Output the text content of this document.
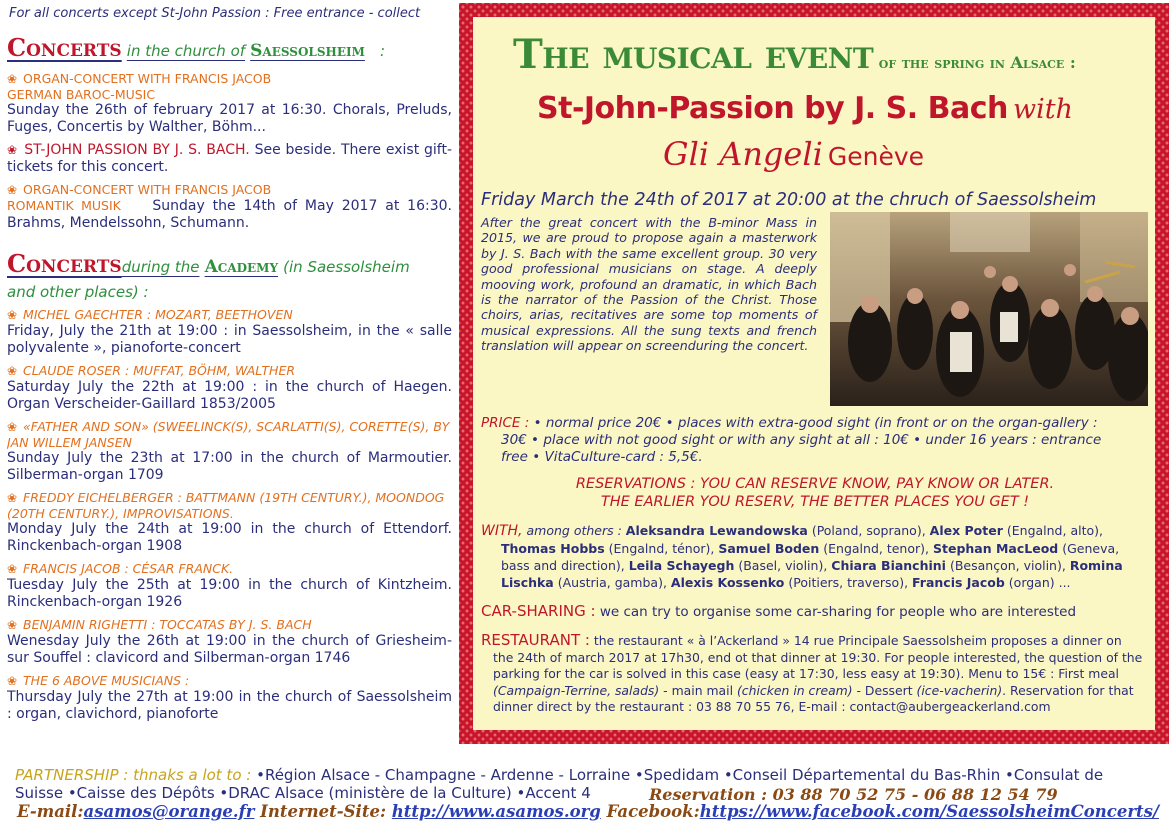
For all concerts except St-John Passion : Free entrance - collect
Concerts in the church of Saessolsheim :
❀ ORGAN-CONCERT WITH FRANCIS JACOB
GERMAN BAROC-MUSIC
Sunday the 26th of february 2017 at 16:30. Chorals, Preluds, Fuges, Concertis by Walther, Böhm...
❀ ST-JOHN PASSION BY J. S. BACH. See beside. There exist gift-tickets for this concert.
❀ ORGAN-CONCERT WITH FRANCIS JACOB
ROMANTIK MUSIK Sunday the 14th of May 2017 at 16:30. Brahms, Mendelssohn, Schumann.
Concertsduring the Academy (in Saessolsheim
and other places) :
❀ MICHEL GAECHTER : MOZART, BEETHOVEN
Friday, July the 21th at 19:00 : in Saessolsheim, in the « salle polyvalente », pianoforte-concert
❀ CLAUDE ROSER : MUFFAT, BÖHM, WALTHER
Saturday July the 22th at 19:00 : in the church of Haegen. Organ Verscheider-Gaillard 1853/2005
❀ «FATHER AND SON» (SWEELINCK(S), SCARLATTI(S), CORETTE(S), BY JAN WILLEM JANSEN
Sunday July the 23th at 17:00 in the church of Marmoutier. Silberman-organ 1709
❀ FREDDY EICHELBERGER : BATTMANN (19TH CENTURY.), MOONDOG (20TH CENTURY.), IMPROVISATIONS.
Monday July the 24th at 19:00 in the church of Ettendorf. Rinckenbach-organ 1908
❀ FRANCIS JACOB : CÉSAR FRANCK.
Tuesday July the 25th at 19:00 in the church of Kintzheim. Rinckenbach-organ 1926
❀ BENJAMIN RIGHETTI : TOCCATAS BY J. S. BACH
Wenesday July the 26th at 19:00 in the church of Griesheim-sur Souffel : clavicord and Silberman-organ 1746
❀ THE 6 ABOVE MUSICIANS :
Thursday July the 27th at 19:00 in the church of Saessolsheim : organ, clavichord, pianoforte
The musical event of the spring in Alsace :
St-John-Passion by J. S. Bach with
Gli Angeli Genève
Friday March the 24th of 2017 at 20:00 at the chruch of Saessolsheim
After the great concert with the B-minor Mass in 2015, we are proud to propose again a masterwork by J. S. Bach with the same excellent group. 30 very good professional musicians on stage. A deeply mooving work, profound an dramatic, in which Bach is the narrator of the Passion of the Christ. Those choirs, arias, recitatives are some top moments of musical expressions. All the sung texts and french translation will appear on screenduring the concert.
PRICE : • normal price 20€ • places with extra-good sight (in front or on the organ-gallery :
30€ • place with not good sight or with any sight at all : 10€ • under 16 years : entrance
free • VitaCulture-card : 5,5€.
RESERVATIONS : YOU CAN RESERVE KNOW, PAY KNOW OR LATER.
THE EARLIER YOU RESERV, THE BETTER PLACES YOU GET !
WITH, among others : Aleksandra Lewandowska (Poland, soprano), Alex Poter (Engalnd, alto),
Thomas Hobbs (Engalnd, ténor), Samuel Boden (Engalnd, tenor), Stephan MacLeod (Geneva, bass and direction), Leila Schayegh (Basel, violin), Chiara Bianchini (Besançon, violin), Romina Lischka (Austria, gamba), Alexis Kossenko (Poitiers, traverso), Francis Jacob (organ) ...
CAR-SHARING : we can try to organise some car-sharing for people who are interested
RESTAURANT : the restaurant « à l’Ackerland » 14 rue Principale Saessolsheim proposes a dinner on
the 24th of march 2017 at 17h30, end ot that dinner at 19:30. For people interested, the question of the
parking for the car is solved in this case (easy at 17:30, less easy at 19:30). Menu to 15€ : First meal
(Campaign-Terrine, salads) - main mail (chicken in cream) - Dessert (ice-vacherin). Reservation for that
dinner direct by the restaurant : 03 88 70 55 76, E-mail : contact@aubergeackerland.com
PARTNERSHIP : thnaks a lot to : •Région Alsace - Champagne - Ardenne - Lorraine •Spedidam •Conseil Départemental du Bas-Rhin •Consulat de
Suisse •Caisse des Dépôts •DRAC Alsace (ministère de la Culture) •Accent 4	Reservation : 03 88 70 52 75 - 06 88 12 54 79
E-mail:asamos@orange.fr Internet-Site: http://www.asamos.org Facebook:https://www.facebook.com/SaessolsheimConcerts/
